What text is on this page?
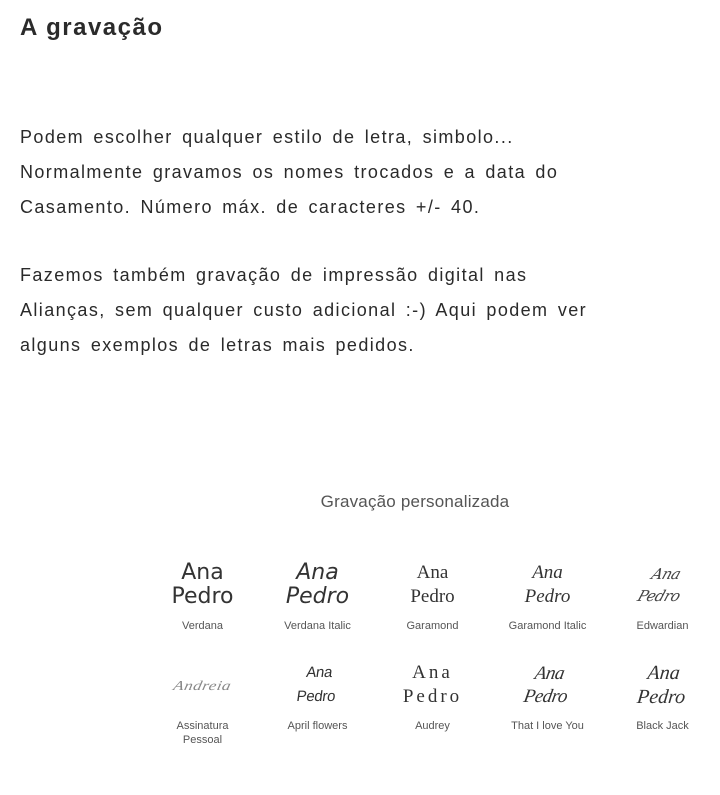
A gravação

Podem escolher qualquer estilo de letra, simbolo... Normalmente gravamos os nomes trocados e a data do Casamento. Número máx. de caracteres +/- 40.

Fazemos também gravação de impressão digital nas Alianças, sem qualquer custo adicional :-) Aqui podem ver alguns exemplos de letras mais pedidos.

Gravação personalizada

Ana
Pedro
Verdana
Ana
Pedro
Verdana Italic
Ana
Pedro
Garamond
Ana
Pedro
Garamond Italic
Ana
Pedro
Edwardian
Andreia
Assinatura Pessoal
Ana
Pedro
April flowers
Ana
Pedro
Audrey
Ana
Pedro
That I love You
Ana
Pedro
Black Jack
